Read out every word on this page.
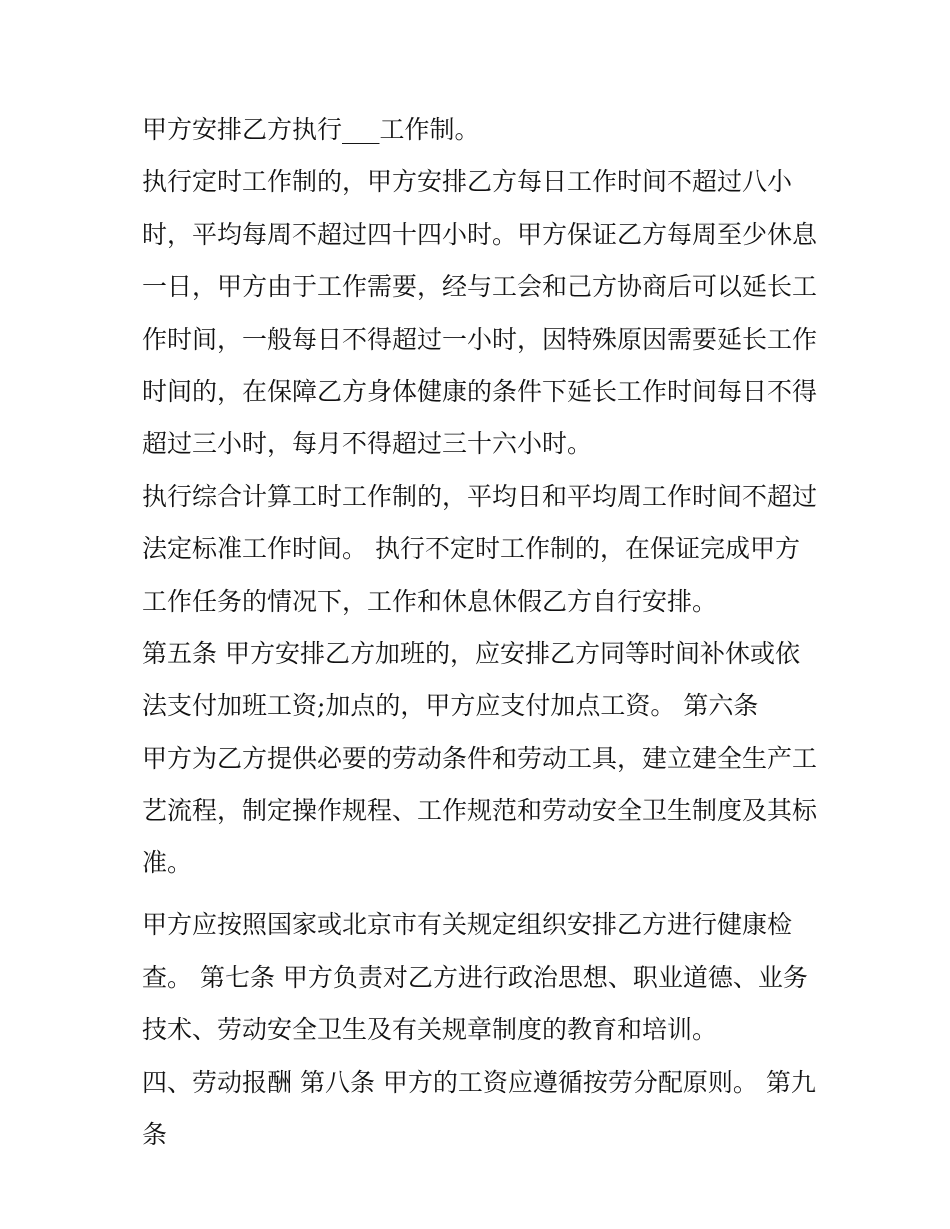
甲方安排乙方执行___工作制。
执行定时工作制的，甲方安排乙方每日工作时间不超过八小
时，平均每周不超过四十四小时。甲方保证乙方每周至少休息
一日，甲方由于工作需要，经与工会和己方协商后可以延长工
作时间，一般每日不得超过一小时，因特殊原因需要延长工作
时间的，在保障乙方身体健康的条件下延长工作时间每日不得
超过三小时，每月不得超过三十六小时。
执行综合计算工时工作制的，平均日和平均周工作时间不超过
法定标准工作时间。 执行不定时工作制的，在保证完成甲方
工作任务的情况下，工作和休息休假乙方自行安排。
第五条 甲方安排乙方加班的，应安排乙方同等时间补休或依
法支付加班工资;加点的，甲方应支付加点工资。 第六条
甲方为乙方提供必要的劳动条件和劳动工具，建立建全生产工
艺流程，制定操作规程、工作规范和劳动安全卫生制度及其标
准。
甲方应按照国家或北京市有关规定组织安排乙方进行健康检
查。 第七条 甲方负责对乙方进行政治思想、职业道德、业务
技术、劳动安全卫生及有关规章制度的教育和培训。
四、劳动报酬 第八条 甲方的工资应遵循按劳分配原则。 第九
条
